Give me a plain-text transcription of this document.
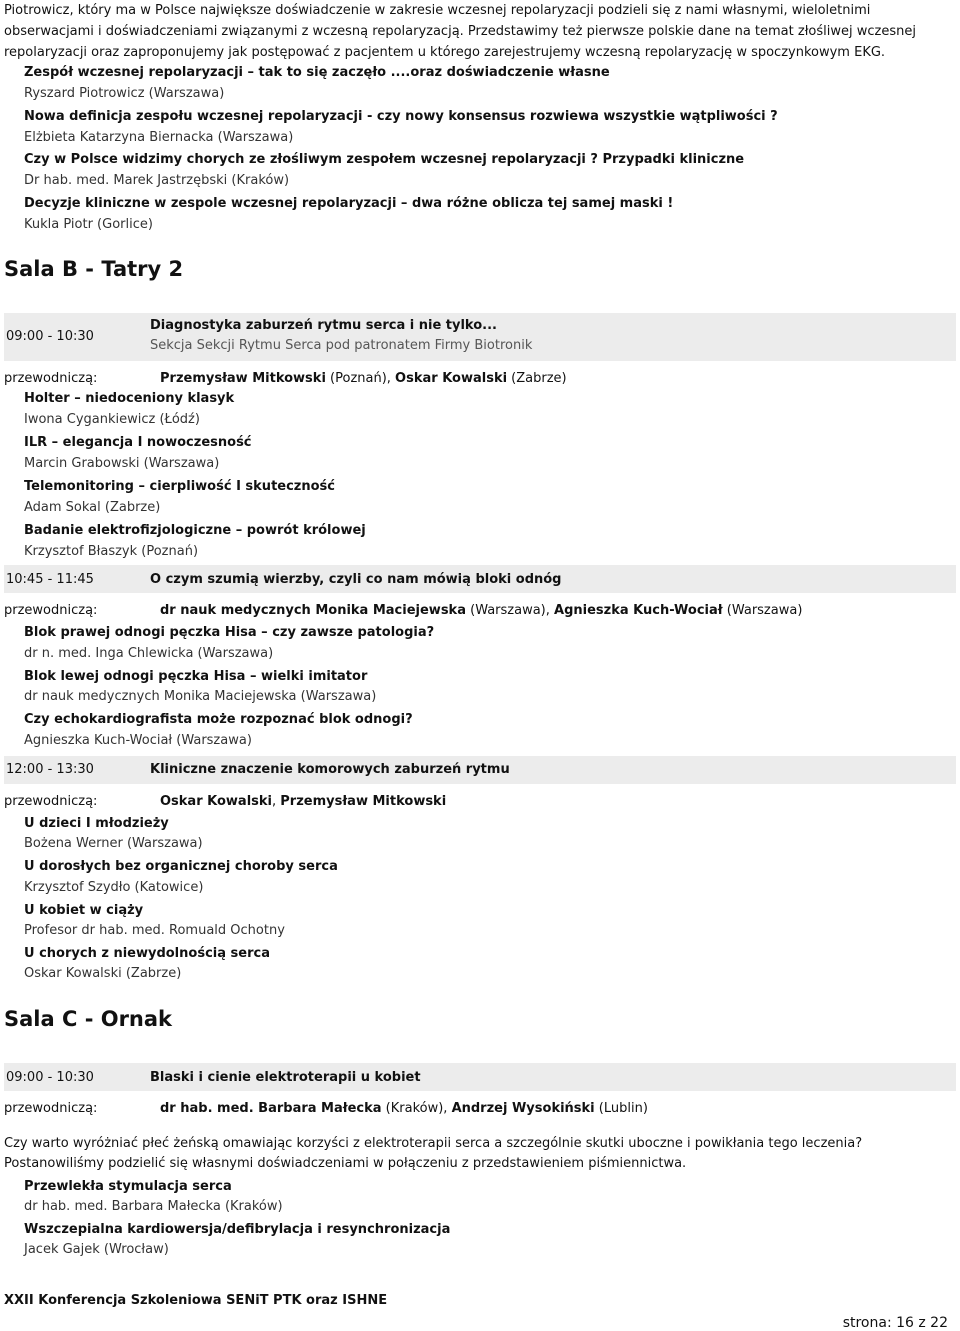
Piotrowicz, który ma w Polsce największe doświadczenie w zakresie wczesnej repolaryzacji podzieli się z nami własnymi, wieloletnimi obserwacjami i doświadczeniami związanymi z wczesną repolaryzacją. Przedstawimy też pierwsze polskie dane na temat złośliwej wczesnej repolaryzacji oraz zaproponujemy jak postępować z pacjentem u którego zarejestrujemy wczesną repolaryzację w spoczynkowym EKG.
Zespół wczesnej repolaryzacji – tak to się zaczęło ....oraz doświadczenie własne
Ryszard Piotrowicz (Warszawa)
Nowa definicja zespołu wczesnej repolaryzacji - czy nowy konsensus rozwiewa wszystkie wątpliwości ?
Elżbieta Katarzyna Biernacka (Warszawa)
Czy w Polsce widzimy chorych ze złośliwym zespołem wczesnej repolaryzacji ? Przypadki kliniczne
Dr hab. med. Marek Jastrzębski (Kraków)
Decyzje kliniczne w zespole wczesnej repolaryzacji – dwa różne oblicza tej samej maski !
Kukla Piotr (Gorlice)
Sala B - Tatry 2
09:00 - 10:30
Diagnostyka zaburzeń rytmu serca i nie tylko...
Sekcja Sekcji Rytmu Serca pod patronatem Firmy Biotronik
przewodniczą:	Przemysław Mitkowski (Poznań), Oskar Kowalski (Zabrze)
Holter – niedoceniony klasyk
Iwona Cygankiewicz (Łódź)
ILR – elegancja I nowoczesność
Marcin Grabowski (Warszawa)
Telemonitoring – cierpliwość I skuteczność
Adam Sokal (Zabrze)
Badanie elektrofizjologiczne – powrót królowej
Krzysztof Błaszyk (Poznań)
10:45 - 11:45	O czym szumią wierzby, czyli co nam mówią bloki odnóg
przewodniczą:	dr nauk medycznych Monika Maciejewska (Warszawa), Agnieszka Kuch-Wociał (Warszawa)
Blok prawej odnogi pęczka Hisa – czy zawsze patologia?
dr n. med. Inga Chlewicka (Warszawa)
Blok lewej odnogi pęczka Hisa – wielki imitator
dr nauk medycznych Monika Maciejewska (Warszawa)
Czy echokardiografista może rozpoznać blok odnogi?
Agnieszka Kuch-Wociał (Warszawa)
12:00 - 13:30	Kliniczne znaczenie komorowych zaburzeń rytmu
przewodniczą:	Oskar Kowalski, Przemysław Mitkowski
U dzieci I młodzieży
Bożena Werner (Warszawa)
U dorosłych bez organicznej choroby serca
Krzysztof Szydło (Katowice)
U kobiet w ciąży
Profesor dr hab. med. Romuald Ochotny
U chorych z niewydolnością serca
Oskar Kowalski (Zabrze)
Sala C - Ornak
09:00 - 10:30	Blaski i cienie elektroterapii u kobiet
przewodniczą:	dr hab. med. Barbara Małecka (Kraków), Andrzej Wysokiński (Lublin)
Czy warto wyróżniać płeć żeńską omawiając korzyści z elektroterapii serca a szczególnie skutki uboczne i powikłania tego leczenia?
Postanowiliśmy podzielić się własnymi doświadczeniami w połączeniu z przedstawieniem piśmiennictwa.
Przewlekła stymulacja serca
dr hab. med. Barbara Małecka (Kraków)
Wszczepialna kardiowersja/defibrylacja i resynchronizacja
Jacek Gajek (Wrocław)
XXII Konferencja Szkoleniowa SENiT PTK oraz ISHNE
strona: 16 z 22
